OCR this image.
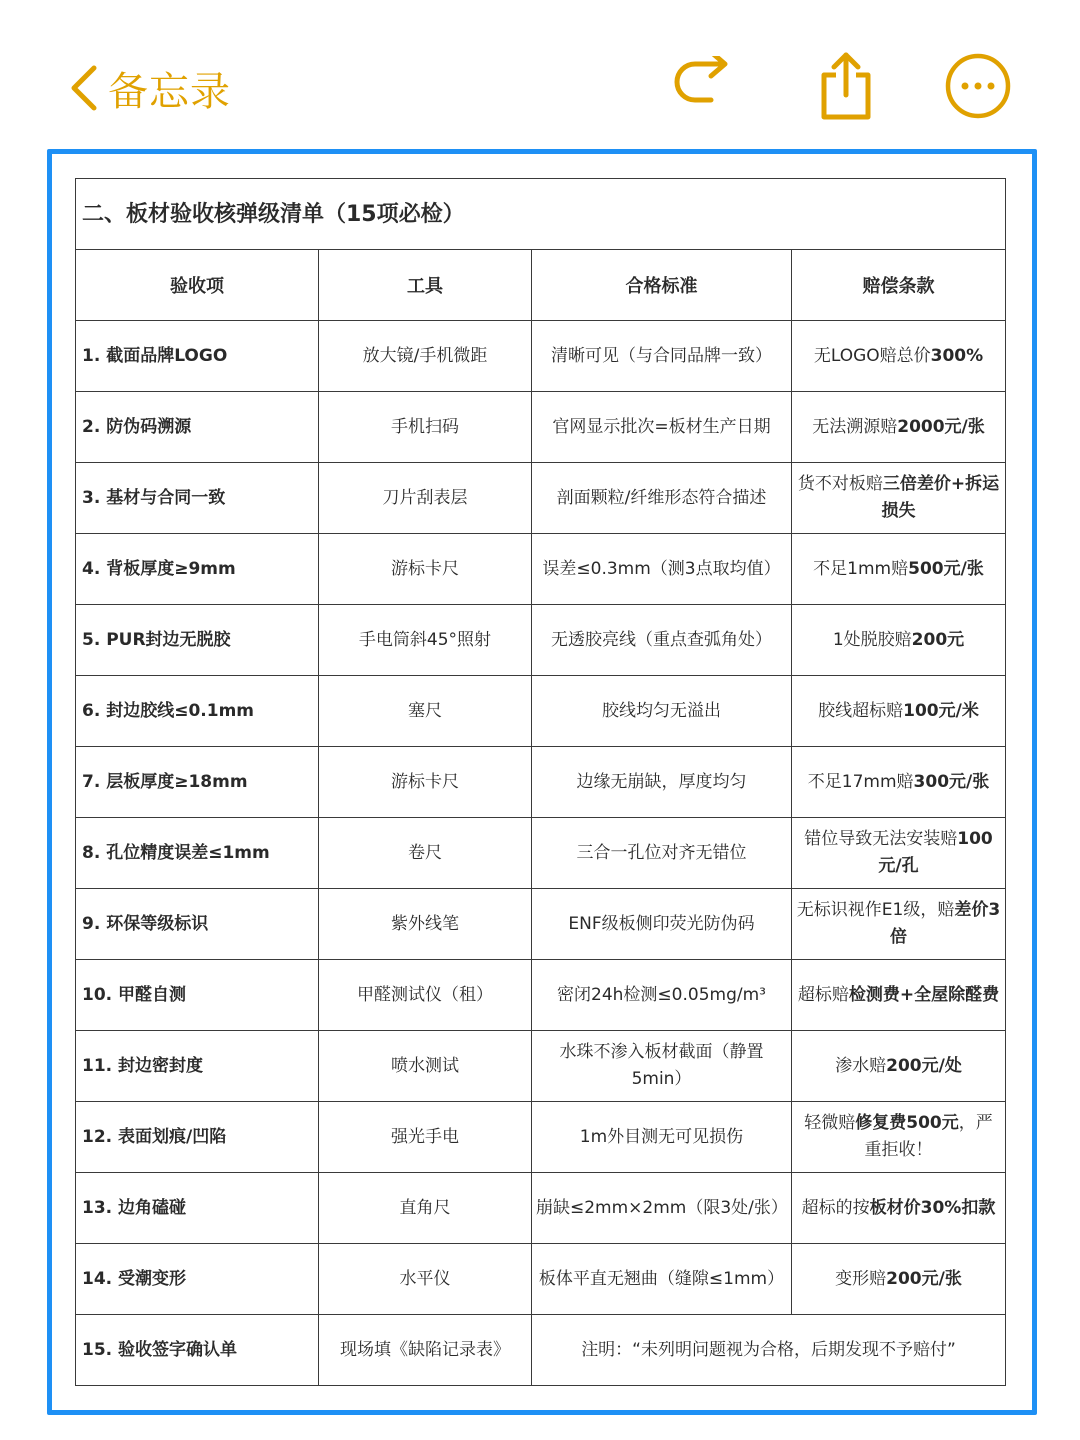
备忘录
二、板材验收核弹级清单（15项必检）			
验收项	工具	合格标准	赔偿条款
1. 截面品牌LOGO	放大镜/手机微距	清晰可见（与合同品牌一致）	无LOGO赔总价300%
2. 防伪码溯源	手机扫码	官网显示批次=板材生产日期	无法溯源赔2000元/张
3. 基材与合同一致	刀片刮表层	剖面颗粒/纤维形态符合描述	货不对板赔三倍差价+拆运损失
4. 背板厚度≥9mm	游标卡尺	误差≤0.3mm（测3点取均值）	不足1mm赔500元/张
5. PUR封边无脱胶	手电筒斜45°照射	无透胶亮线（重点查弧角处）	1处脱胶赔200元
6. 封边胶线≤0.1mm	塞尺	胶线均匀无溢出	胶线超标赔100元/米
7. 层板厚度≥18mm	游标卡尺	边缘无崩缺，厚度均匀	不足17mm赔300元/张
8. 孔位精度误差≤1mm	卷尺	三合一孔位对齐无错位	错位导致无法安装赔100元/孔
9. 环保等级标识	紫外线笔	ENF级板侧印荧光防伪码	无标识视作E1级，赔差价3倍
10. 甲醛自测	甲醛测试仪（租）	密闭24h检测≤0.05mg/m³	超标赔检测费+全屋除醛费
11. 封边密封度	喷水测试	水珠不渗入板材截面（静置5min）	渗水赔200元/处
12. 表面划痕/凹陷	强光手电	1m外目测无可见损伤	轻微赔修复费500元，严重拒收！
13. 边角磕碰	直角尺	崩缺≤2mm×2mm（限3处/张）	超标的按板材价30%扣款
14. 受潮变形	水平仪	板体平直无翘曲（缝隙≤1mm）	变形赔200元/张
15. 验收签字确认单	现场填《缺陷记录表》	注明：“未列明问题视为合格，后期发现不予赔付”	
